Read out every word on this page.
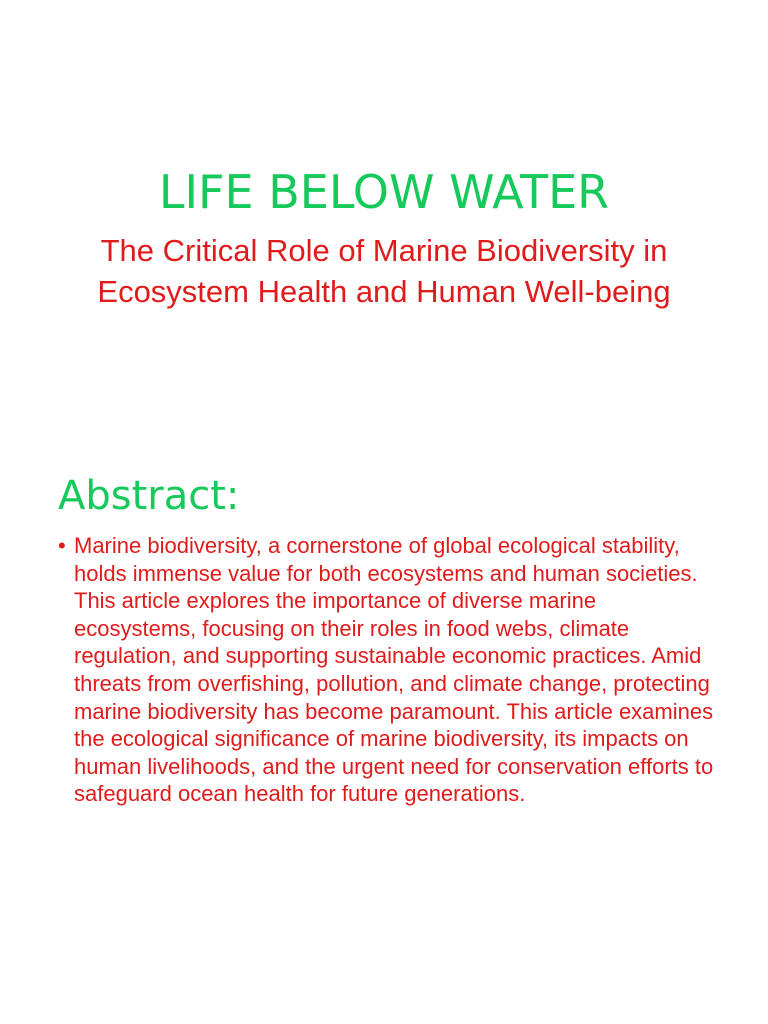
LIFE BELOW WATER

The Critical Role of Marine Biodiversity in Ecosystem Health and Human Well-being

Abstract:
• Marine biodiversity, a cornerstone of global ecological stability, holds immense value for both ecosystems and human societies. This article explores the importance of diverse marine ecosystems, focusing on their roles in food webs, climate regulation, and supporting sustainable economic practices. Amid threats from overfishing, pollution, and climate change, protecting marine biodiversity has become paramount. This article examines the ecological significance of marine biodiversity, its impacts on human livelihoods, and the urgent need for conservation efforts to safeguard ocean health for future generations.
